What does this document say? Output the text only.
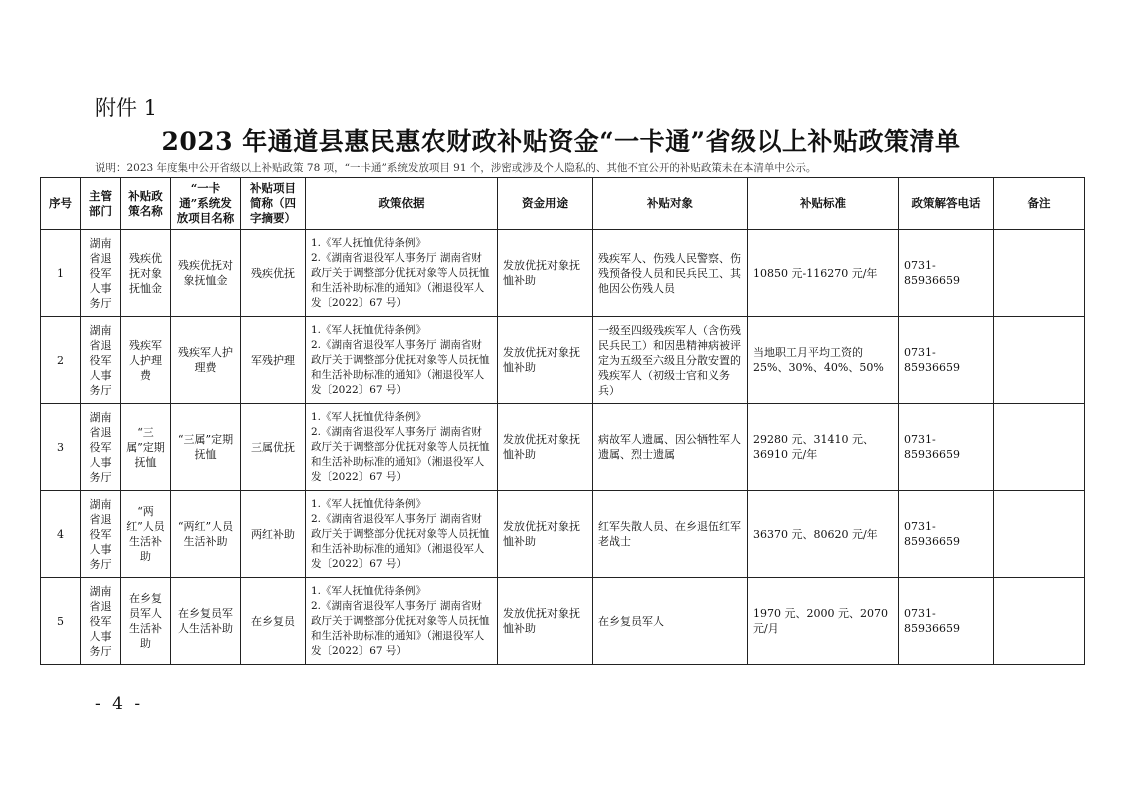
附件 1
2023 年通道县惠民惠农财政补贴资金“一卡通”省级以上补贴政策清单
说明：2023 年度集中公开省级以上补贴政策 78 项，“一卡通”系统发放项目 91 个，涉密或涉及个人隐私的、其他不宜公开的补贴政策未在本清单中公示。
序号	主管部门	补贴政策名称	“一卡通”系统发放项目名称	补贴项目简称（四字摘要）	政策依据	资金用途	补贴对象	补贴标准	政策解答电话	备注
1	湖南省退役军人事务厅	残疾优抚对象抚恤金	残疾优抚对象抚恤金	残疾优抚	1.《军人抚恤优待条例》
2.《湖南省退役军人事务厅 湖南省财政厅关于调整部分优抚对象等人员抚恤和生活补助标准的通知》（湘退役军人发〔2022〕67 号）	发放优抚对象抚恤补助	残疾军人、伤残人民警察、伤残预备役人员和民兵民工、其他因公伤残人员	10850 元-116270 元/年	0731-85936659	
2	湖南省退役军人事务厅	残疾军人护理费	残疾军人护理费	军残护理	1.《军人抚恤优待条例》
2.《湖南省退役军人事务厅 湖南省财政厅关于调整部分优抚对象等人员抚恤和生活补助标准的通知》（湘退役军人发〔2022〕67 号）	发放优抚对象抚恤补助	一级至四级残疾军人（含伤残民兵民工）和因患精神病被评定为五级至六级且分散安置的残疾军人（初级士官和义务兵）	当地职工月平均工资的 25%、30%、40%、50%	0731-85936659	
3	湖南省退役军人事务厅	“三属”定期抚恤	“三属”定期抚恤	三属优抚	1.《军人抚恤优待条例》
2.《湖南省退役军人事务厅 湖南省财政厅关于调整部分优抚对象等人员抚恤和生活补助标准的通知》（湘退役军人发〔2022〕67 号）	发放优抚对象抚恤补助	病故军人遗属、因公牺牲军人遗属、烈士遗属	29280 元、31410 元、36910 元/年	0731-85936659	
4	湖南省退役军人事务厅	“两红”人员生活补助	“两红”人员生活补助	两红补助	1.《军人抚恤优待条例》
2.《湖南省退役军人事务厅 湖南省财政厅关于调整部分优抚对象等人员抚恤和生活补助标准的通知》（湘退役军人发〔2022〕67 号）	发放优抚对象抚恤补助	红军失散人员、在乡退伍红军老战士	36370 元、80620 元/年	0731-85936659	
5	湖南省退役军人事务厅	在乡复员军人生活补助	在乡复员军人生活补助	在乡复员	1.《军人抚恤优待条例》
2.《湖南省退役军人事务厅 湖南省财政厅关于调整部分优抚对象等人员抚恤和生活补助标准的通知》（湘退役军人发〔2022〕67 号）	发放优抚对象抚恤补助	在乡复员军人	1970 元、2000 元、2070 元/月	0731-85936659	
- 4 -
